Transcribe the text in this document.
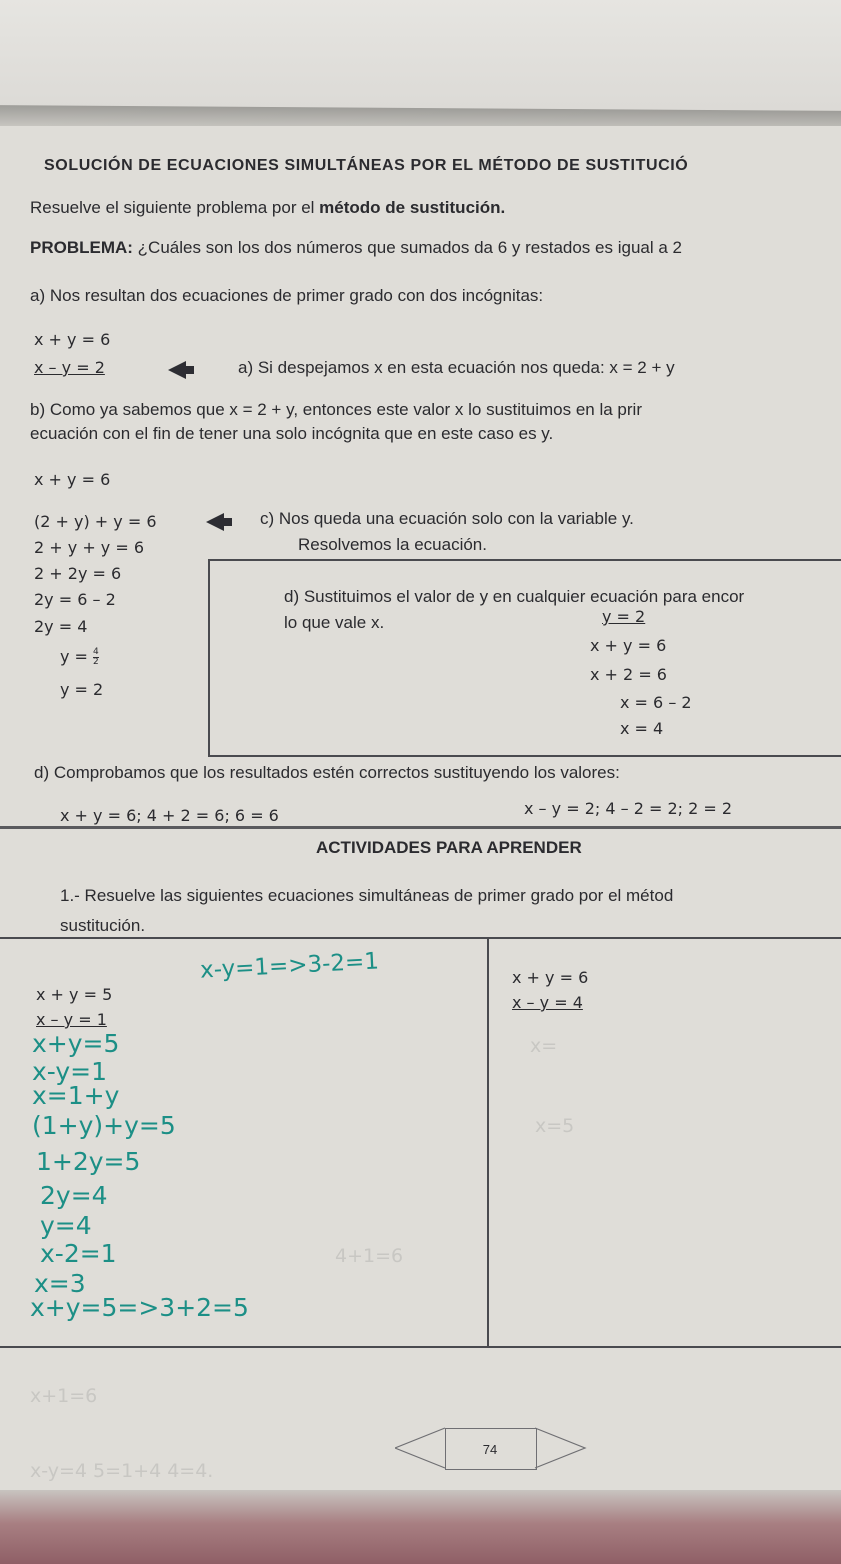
x=
x=5
4+1=6
x+1=6
x-y=4 5=1+4 4=4.
SOLUCIÓN DE ECUACIONES SIMULTÁNEAS POR EL MÉTODO DE SUSTITUCIÓ
Resuelve el siguiente problema por el método de sustitución.
PROBLEMA: ¿Cuáles son los dos números que sumados da 6 y restados es igual a 2
a) Nos resultan dos ecuaciones de primer grado con dos incógnitas:
x + y = 6
x – y = 2	a) Si despejamos x en esta ecuación nos queda: x = 2 + y
b) Como ya sabemos que x = 2 + y, entonces este valor x lo sustituimos en la prir
ecuación con el fin de tener una solo incógnita que en este caso es y.
x + y = 6
(2 + y) + y = 6	c) Nos queda una ecuación solo con la variable y.
2 + y + y = 6	Resolvemos la ecuación.
2 + 2y = 6
2y = 6 – 2
2y = 4
$y = \frac{4}{2}$
y = 2
d) Sustituimos el valor de y en cualquier ecuación para encor
lo que vale x.	y = 2
x + y = 6
x + 2 = 6
x = 6 – 2
x = 4
d) Comprobamos que los resultados estén correctos sustituyendo los valores:
x + y = 6; 4 + 2 = 6; 6 = 6	x – y = 2; 4 – 2 = 2; 2 = 2
ACTIVIDADES PARA APRENDER
1.- Resuelve las siguientes ecuaciones simultáneas de primer grado por el métod
sustitución.
x + y = 5
x – y = 1
x + y = 6
x – y = 4
x-y=1=>3-2=1
x+y=5
x-y=1
x=1+y
(1+y)+y=5
1+2y=5
2y=4
y=4
x-2=1
x=3
x+y=5=>3+2=5
74
